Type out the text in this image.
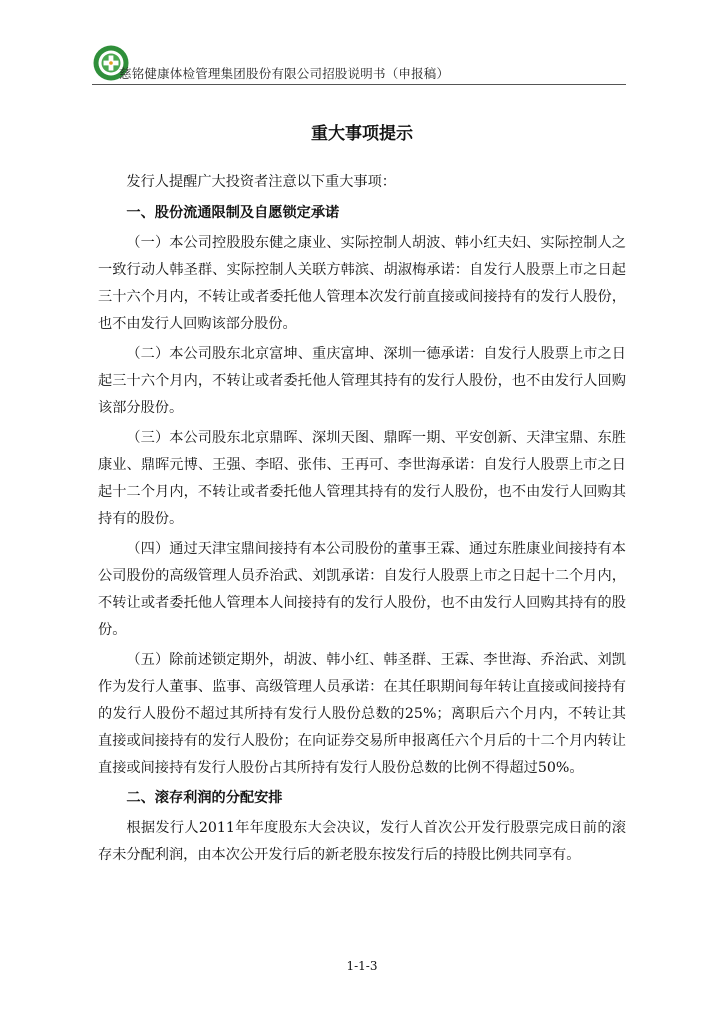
慈铭健康体检管理集团股份有限公司招股说明书（申报稿）
重大事项提示

发行人提醒广大投资者注意以下重大事项：

一、股份流通限制及自愿锁定承诺

（一）本公司控股股东健之康业、实际控制人胡波、韩小红夫妇、实际控制人之一致行动人韩圣群、实际控制人关联方韩滨、胡淑梅承诺：自发行人股票上市之日起三十六个月内，不转让或者委托他人管理本次发行前直接或间接持有的发行人股份，也不由发行人回购该部分股份。

（二）本公司股东北京富坤、重庆富坤、深圳一德承诺：自发行人股票上市之日起三十六个月内，不转让或者委托他人管理其持有的发行人股份，也不由发行人回购该部分股份。

（三）本公司股东北京鼎晖、深圳天图、鼎晖一期、平安创新、天津宝鼎、东胜康业、鼎晖元博、王强、李昭、张伟、王再可、李世海承诺：自发行人股票上市之日起十二个月内，不转让或者委托他人管理其持有的发行人股份，也不由发行人回购其持有的股份。

（四）通过天津宝鼎间接持有本公司股份的董事王霖、通过东胜康业间接持有本公司股份的高级管理人员乔治武、刘凯承诺：自发行人股票上市之日起十二个月内，不转让或者委托他人管理本人间接持有的发行人股份，也不由发行人回购其持有的股份。

（五）除前述锁定期外，胡波、韩小红、韩圣群、王霖、李世海、乔治武、刘凯作为发行人董事、监事、高级管理人员承诺：在其任职期间每年转让直接或间接持有的发行人股份不超过其所持有发行人股份总数的25%；离职后六个月内，不转让其直接或间接持有的发行人股份；在向证券交易所申报离任六个月后的十二个月内转让直接或间接持有发行人股份占其所持有发行人股份总数的比例不得超过50%。

二、滚存利润的分配安排

根据发行人2011年年度股东大会决议，发行人首次公开发行股票完成日前的滚存未分配利润，由本次公开发行后的新老股东按发行后的持股比例共同享有。

1-1-3
